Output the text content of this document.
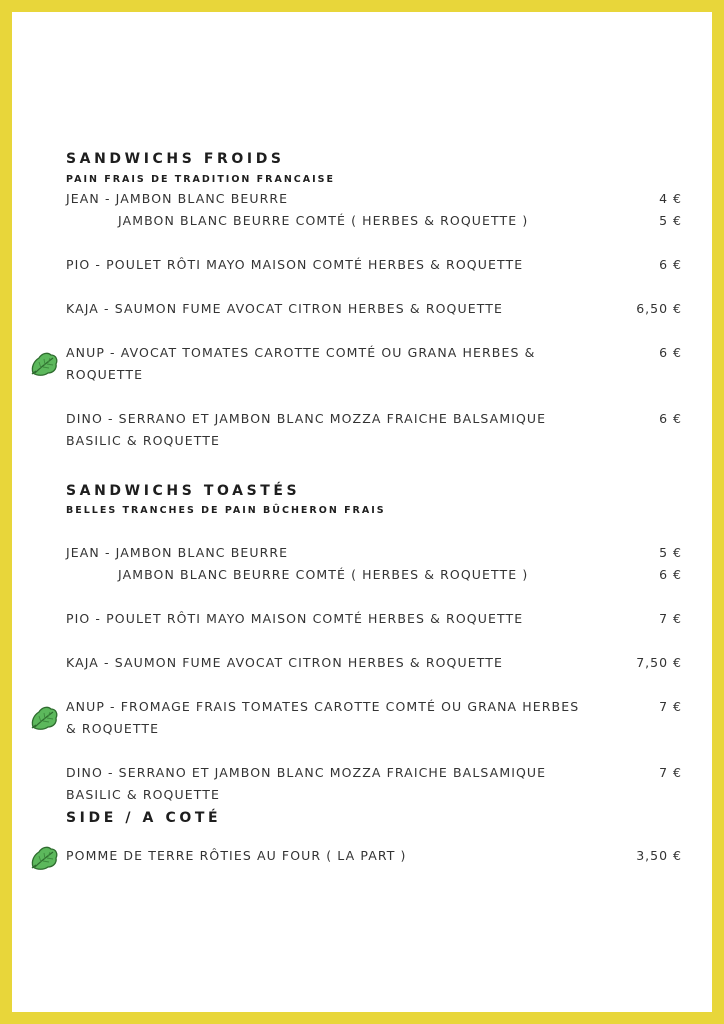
SANDWICHS FROIDS
PAIN FRAIS DE TRADITION FRANCAISE
JEAN - JAMBON BLANC BEURRE	4 €
JAMBON BLANC BEURRE COMTÉ ( HERBES & ROQUETTE )	5 €
PIO - POULET RÔTI MAYO MAISON COMTÉ HERBES & ROQUETTE	6 €
KAJA - SAUMON FUME AVOCAT CITRON HERBES & ROQUETTE	6,50 €
ANUP - AVOCAT TOMATES CAROTTE COMTÉ OU GRANA HERBES &
ROQUETTE
6 €
DINO - SERRANO ET JAMBON BLANC MOZZA FRAICHE BALSAMIQUE
BASILIC & ROQUETTE
6 €
SANDWICHS TOASTÉS
BELLES TRANCHES DE PAIN BÛCHERON FRAIS
JEAN - JAMBON BLANC BEURRE	5 €
JAMBON BLANC BEURRE COMTÉ ( HERBES & ROQUETTE )	6 €
PIO - POULET RÔTI MAYO MAISON COMTÉ HERBES & ROQUETTE	7 €
KAJA - SAUMON FUME AVOCAT CITRON HERBES & ROQUETTE	7,50 €
ANUP - FROMAGE FRAIS TOMATES CAROTTE COMTÉ OU GRANA HERBES
& ROQUETTE
7 €
DINO - SERRANO ET JAMBON BLANC MOZZA FRAICHE BALSAMIQUE
BASILIC & ROQUETTE
7 €
SIDE / A COTÉ
POMME DE TERRE RÔTIES AU FOUR ( LA PART )	3,50 €
